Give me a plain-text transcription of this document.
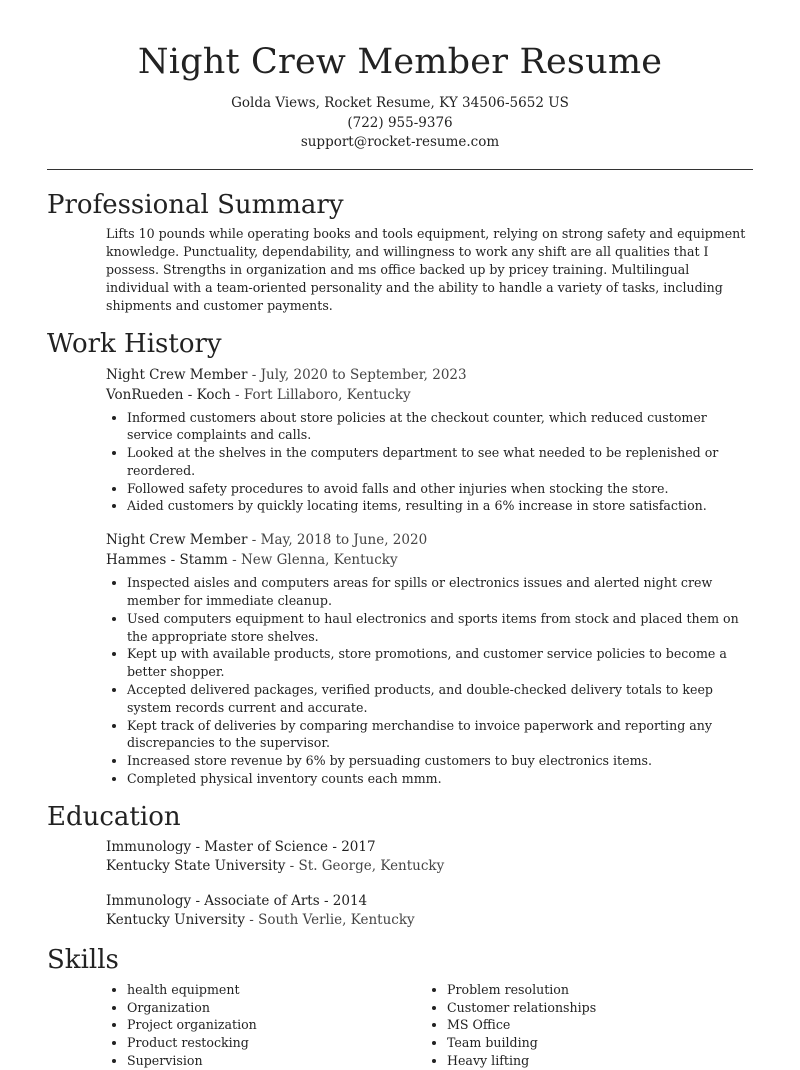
Night Crew Member Resume
Golda Views, Rocket Resume, KY 34506-5652 US
(722) 955-9376
support@rocket-resume.com
Professional Summary
Lifts 10 pounds while operating books and tools equipment, relying on strong safety and equipment knowledge. Punctuality, dependability, and willingness to work any shift are all qualities that I possess. Strengths in organization and ms office backed up by pricey training. Multilingual individual with a team-oriented personality and the ability to handle a variety of tasks, including shipments and customer payments.
Work History
Night Crew Member - July, 2020 to September, 2023
VonRueden - Koch - Fort Lillaboro, Kentucky
• Informed customers about store policies at the checkout counter, which reduced customer service complaints and calls.
• Looked at the shelves in the computers department to see what needed to be replenished or reordered.
• Followed safety procedures to avoid falls and other injuries when stocking the store.
• Aided customers by quickly locating items, resulting in a 6% increase in store satisfaction.
Night Crew Member - May, 2018 to June, 2020
Hammes - Stamm - New Glenna, Kentucky
• Inspected aisles and computers areas for spills or electronics issues and alerted night crew member for immediate cleanup.
• Used computers equipment to haul electronics and sports items from stock and placed them on the appropriate store shelves.
• Kept up with available products, store promotions, and customer service policies to become a better shopper.
• Accepted delivered packages, verified products, and double-checked delivery totals to keep system records current and accurate.
• Kept track of deliveries by comparing merchandise to invoice paperwork and reporting any discrepancies to the supervisor.
• Increased store revenue by 6% by persuading customers to buy electronics items.
• Completed physical inventory counts each mmm.
Education
Immunology - Master of Science - 2017
Kentucky State University - St. George, Kentucky
Immunology - Associate of Arts - 2014
Kentucky University - South Verlie, Kentucky
Skills
• health equipment
• Organization
• Project organization
• Product restocking
• Supervision
• Problem resolution
• Customer relationships
• MS Office
• Team building
• Heavy lifting
